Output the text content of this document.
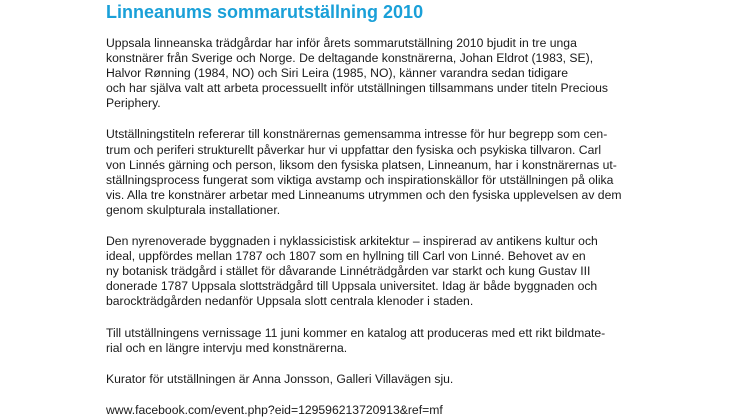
Linneanums sommarutställning 2010

Uppsala linneanska trädgårdar har inför årets sommarutställning 2010 bjudit in tre unga
konstnärer från Sverige och Norge. De deltagande konstnärerna, Johan Eldrot (1983, SE),
Halvor Rønning (1984, NO) och Siri Leira (1985, NO), känner varandra sedan tidigare
och har själva valt att arbeta processuellt inför utställningen tillsammans under titeln Precious
Periphery.

Utställningstiteln refererar till konstnärernas gemensamma intresse för hur begrepp som cen-
trum och periferi strukturellt påverkar hur vi uppfattar den fysiska och psykiska tillvaron. Carl
von Linnés gärning och person, liksom den fysiska platsen, Linneanum, har i konstnärernas ut-
ställningsprocess fungerat som viktiga avstamp och inspirationskällor för utställningen på olika
vis. Alla tre konstnärer arbetar med Linneanums utrymmen och den fysiska upplevelsen av dem
genom skulpturala installationer.

Den nyrenoverade byggnaden i nyklassicistisk arkitektur – inspirerad av antikens kultur och
ideal, uppfördes mellan 1787 och 1807 som en hyllning till Carl von Linné. Behovet av en
ny botanisk trädgård i stället för dåvarande Linnéträdgården var starkt och kung Gustav III
donerade 1787 Uppsala slottsträdgård till Uppsala universitet. Idag är både byggnaden och
barockträdgården nedanför Uppsala slott centrala klenoder i staden.

Till utställningens vernissage 11 juni kommer en katalog att produceras med ett rikt bildmate-
rial och en längre intervju med konstnärerna.

Kurator för utställningen är Anna Jonsson, Galleri Villavägen sju.

www.facebook.com/event.php?eid=129596213720913&ref=mf
